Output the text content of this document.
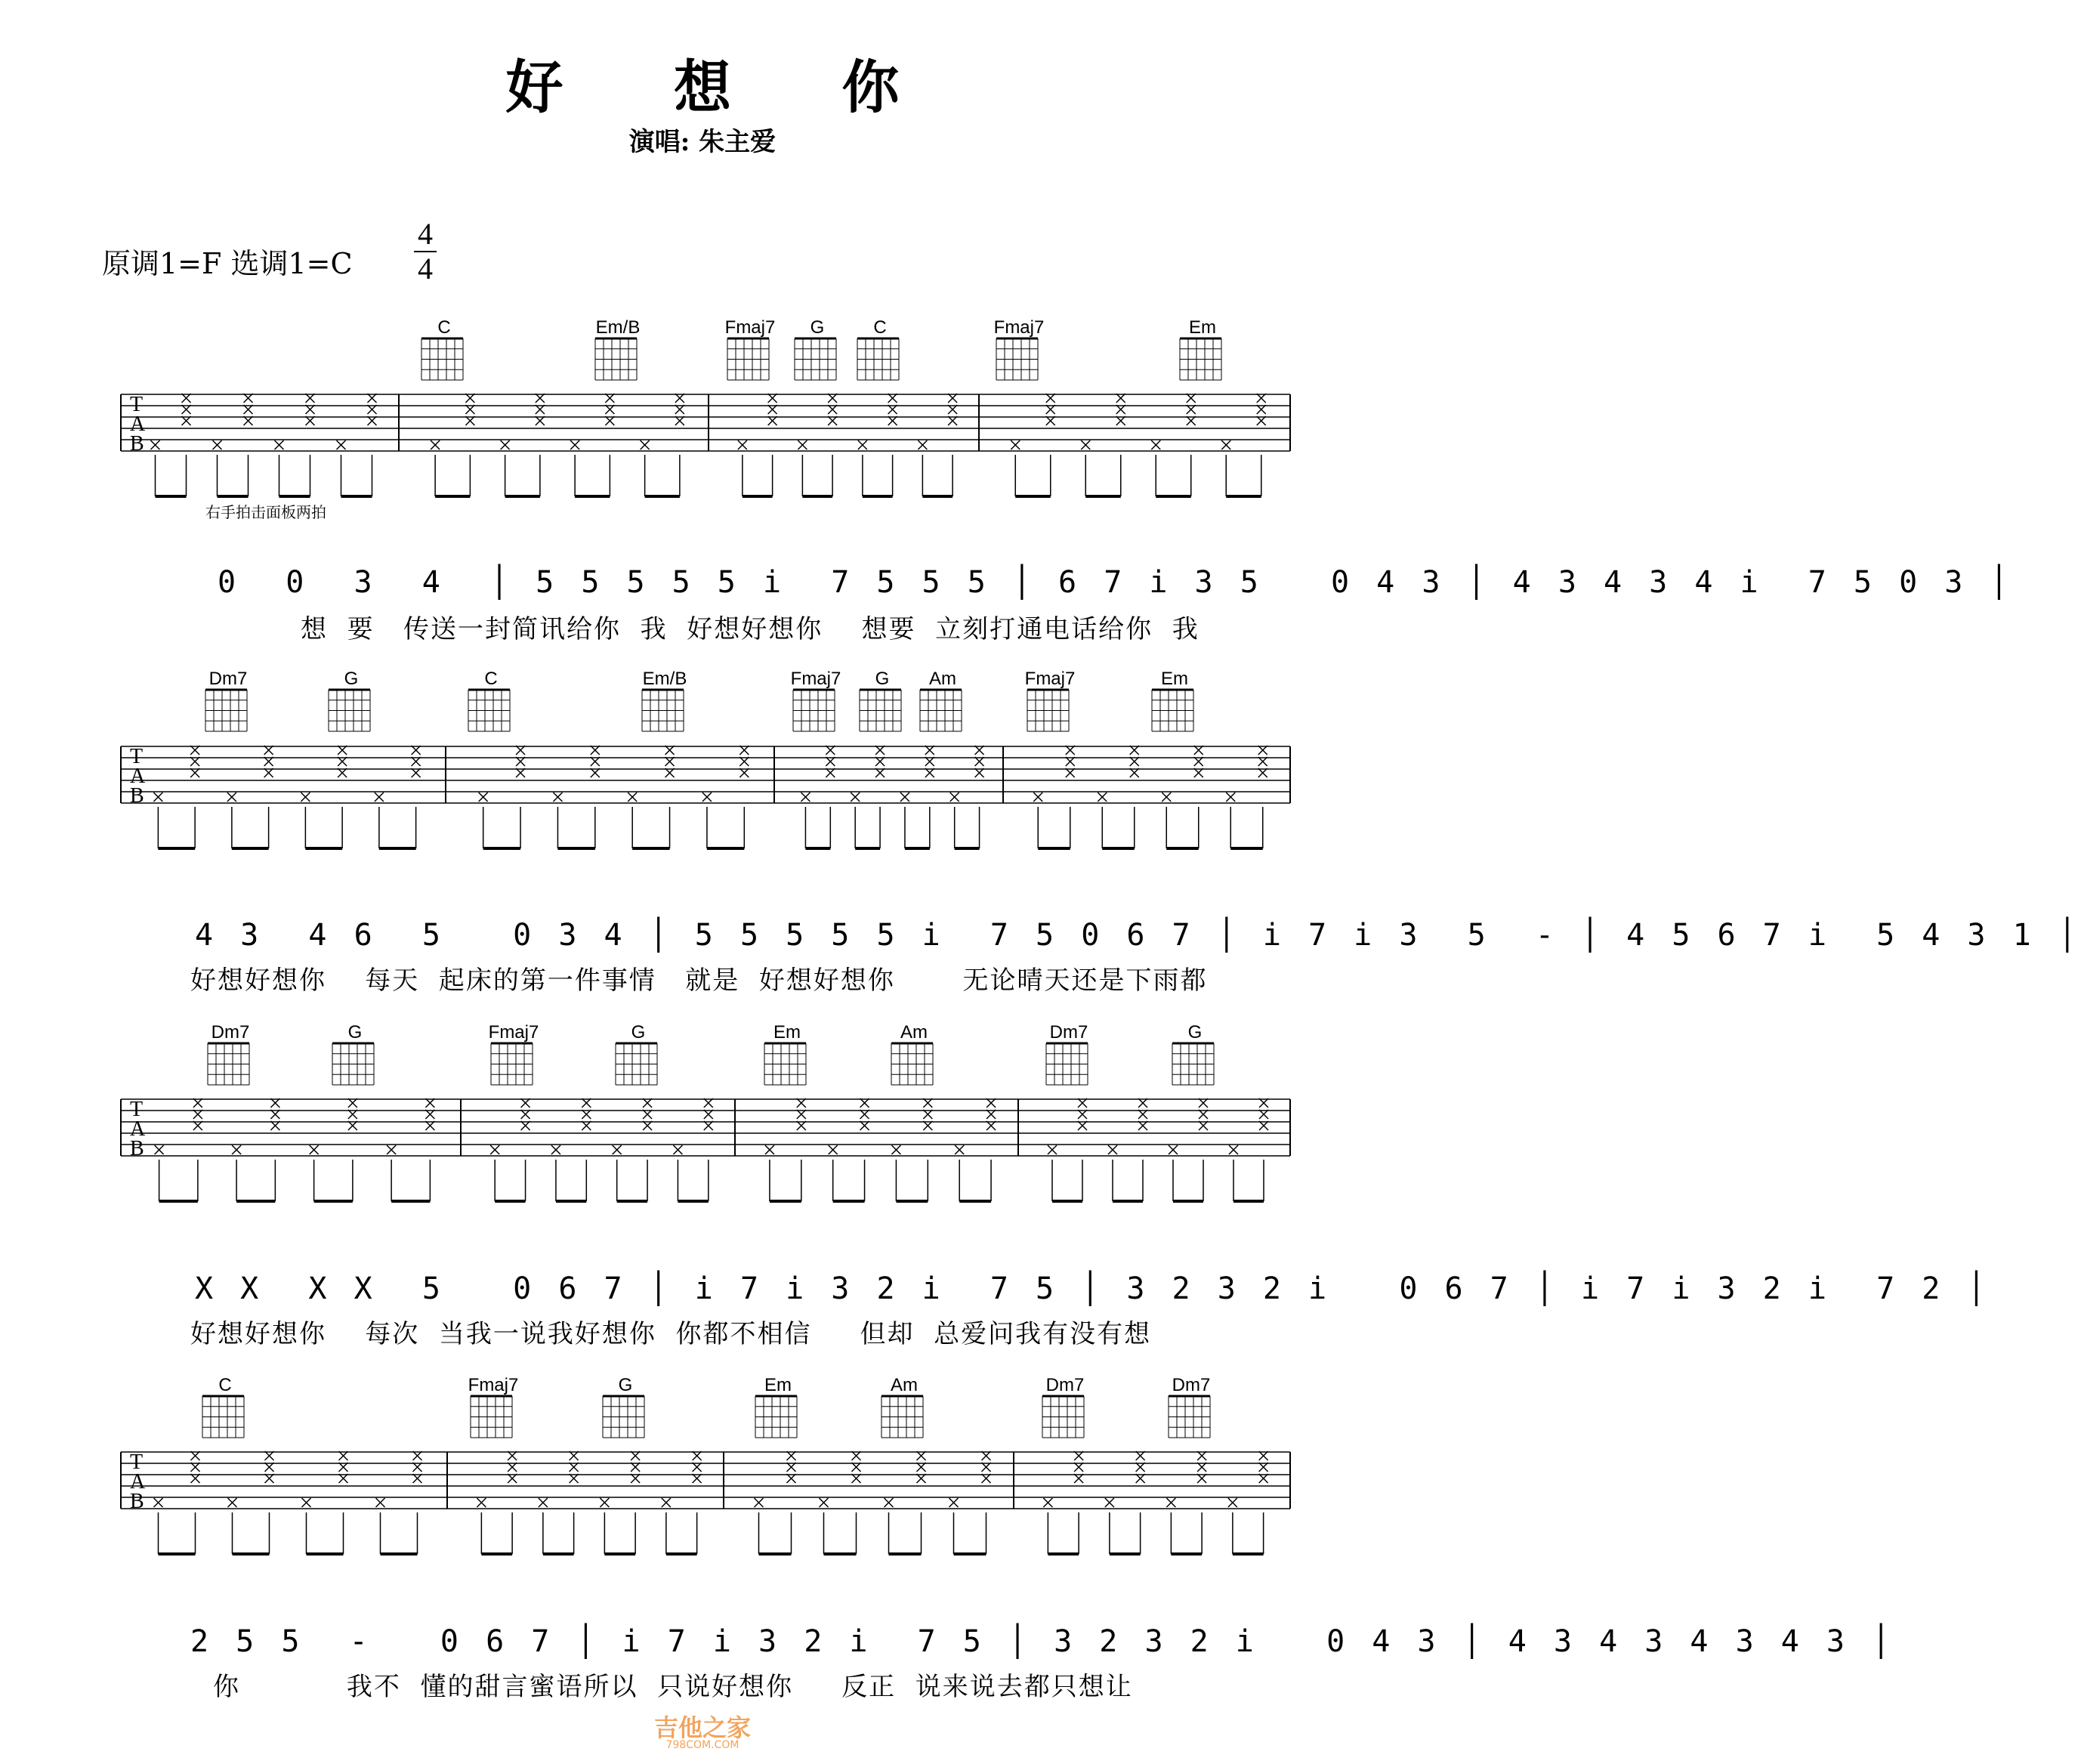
好 想 你
演唱: 朱主爱
原调1=F 选调1=C
4
4
T
A
B
T
A
B
T
A
B
T
A
B
C	Em/B	Fmaj7	G	C	Fmaj7	Em
Dm7	G	C	Em/B	Fmaj7	G	Am	Fmaj7	Em
Dm7	G	Fmaj7	G	Em	Am	Dm7	G
C	Fmaj7	G	Em	Am	Dm7	Dm7
右手拍击面板两拍
0  0  3  4  │ 5 5 5 5 5 i  7 5 5 5 │ 6 7 i 3 5   0 4 3 │ 4 3 4 3 4 i  7 5 0 3 │
想  要   传送一封简讯给你  我  好想好想你    想要  立刻打通电话给你  我
4 3  4 6  5   0 3 4 │ 5 5 5 5 5 i  7 5 0 6 7 │ i 7 i 3  5  - │ 4 5 6 7 i  5 4 3 1 │
好想好想你    每天  起床的第一件事情   就是  好想好想你       无论晴天还是下雨都
X X  X X  5   0 6 7 │ i 7 i 3 2 i  7 5 │ 3 2 3 2 i   0 6 7 │ i 7 i 3 2 i  7 2 │
好想好想你    每次  当我一说我好想你  你都不相信     但却  总爱问我有没有想
2 5 5  -   0 6 7 │ i 7 i 3 2 i  7 5 │ 3 2 3 2 i   0 4 3 │ 4 3 4 3 4 3 4 3 │
你           我不  懂的甜言蜜语所以  只说好想你     反正  说来说去都只想让
吉他之家
798COM.COM
